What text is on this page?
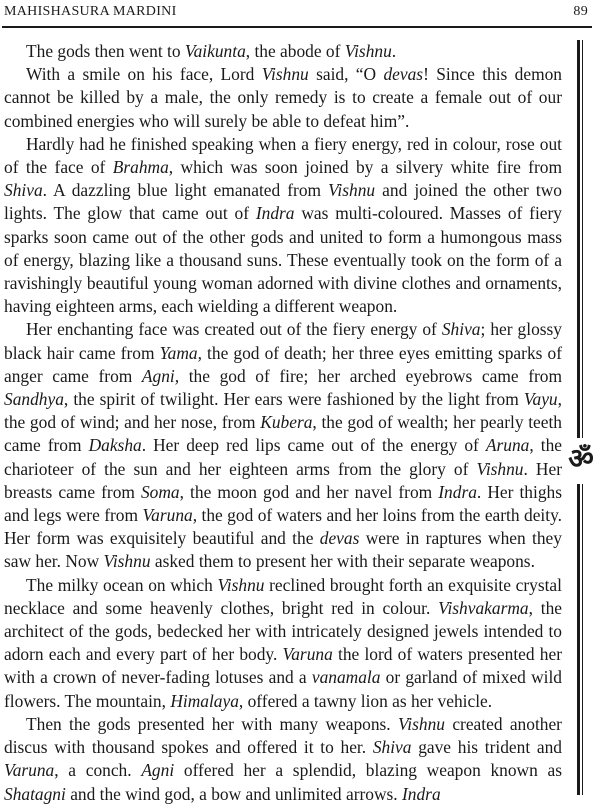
MAHISHASURA MARDINI	89
ॐ

The gods then went to Vaikunta, the abode of Vishnu.

With a smile on his face, Lord Vishnu said, “O devas! Since this demon cannot be killed by a male, the only remedy is to create a female out of our combined energies who will surely be able to defeat him”.

Hardly had he finished speaking when a fiery energy, red in colour, rose out of the face of Brahma, which was soon joined by a silvery white fire from Shiva. A dazzling blue light emanated from Vishnu and joined the other two lights. The glow that came out of Indra was multi-coloured. Masses of fiery sparks soon came out of the other gods and united to form a humongous mass of energy, blazing like a thousand suns. These eventually took on the form of a ravishingly beautiful young woman adorned with divine clothes and ornaments, having eighteen arms, each wielding a different weapon.

Her enchanting face was created out of the fiery energy of Shiva; her glossy black hair came from Yama, the god of death; her three eyes emitting sparks of anger came from Agni, the god of fire; her arched eyebrows came from Sandhya, the spirit of twilight. Her ears were fashioned by the light from Vayu, the god of wind; and her nose, from Kubera, the god of wealth; her pearly teeth came from Daksha. Her deep red lips came out of the energy of Aruna, the charioteer of the sun and her eighteen arms from the glory of Vishnu. Her breasts came from Soma, the moon god and her navel from Indra. Her thighs and legs were from Varuna, the god of waters and her loins from the earth deity. Her form was exquisitely beautiful and the devas were in raptures when they saw her. Now Vishnu asked them to present her with their separate weapons.

The milky ocean on which Vishnu reclined brought forth an exquisite crystal necklace and some heavenly clothes, bright red in colour. Vishvakarma, the architect of the gods, bedecked her with intricately designed jewels intended to adorn each and every part of her body. Varuna the lord of waters presented her with a crown of never-fading lotuses and a vanamala or garland of mixed wild flowers. The mountain, Himalaya, offered a tawny lion as her vehicle.

Then the gods presented her with many weapons. Vishnu created another discus with thousand spokes and offered it to her. Shiva gave his trident and Varuna, a conch. Agni offered her a splendid, blazing weapon known as Shatagni and the wind god, a bow and unlimited arrows. Indra
